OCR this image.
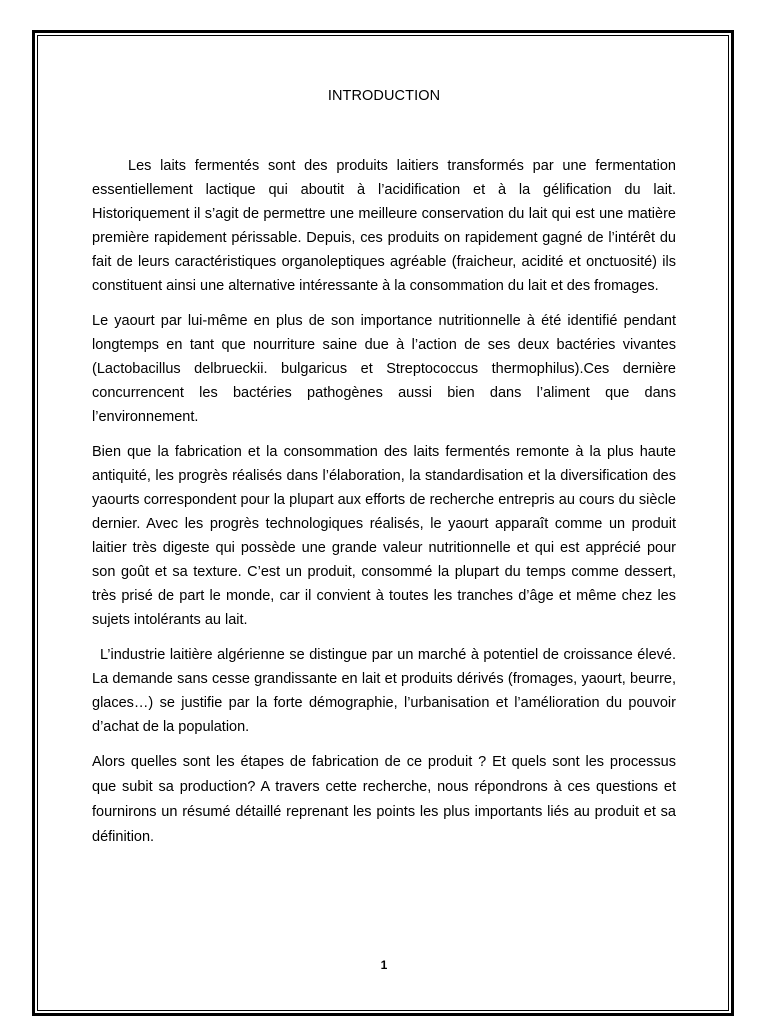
INTRODUCTION

Les laits fermentés sont des produits laitiers transformés par une fermentation essentiellement lactique qui aboutit à l’acidification et à la gélification du lait. Historiquement il s’agit de permettre une meilleure conservation du lait qui est une matière première rapidement périssable. Depuis, ces produits on rapidement gagné de l’intérêt du fait de leurs caractéristiques organoleptiques agréable (fraicheur, acidité et onctuosité) ils constituent ainsi une alternative intéressante à la consommation du lait et des fromages.

Le yaourt par lui-même en plus de son importance nutritionnelle à été identifié pendant longtemps en tant que nourriture saine due à l’action de ses deux bactéries vivantes (Lactobacillus delbrueckii. bulgaricus et Streptococcus thermophilus).Ces dernière concurrencent les bactéries pathogènes aussi bien dans l’aliment que dans l’environnement.

Bien que la fabrication et la consommation des laits fermentés remonte à la plus haute antiquité, les progrès réalisés dans l’élaboration, la standardisation et la diversification des yaourts correspondent pour la plupart aux efforts de recherche entrepris au cours du siècle dernier. Avec les progrès technologiques réalisés, le yaourt apparaît comme un produit laitier très digeste qui possède une grande valeur nutritionnelle et qui est apprécié pour son goût et sa texture. C’est un produit, consommé la plupart du temps comme dessert, très prisé de part le monde, car il convient à toutes les tranches d’âge et même chez les sujets intolérants au lait.

L’industrie laitière algérienne se distingue par un marché à potentiel de croissance élevé. La demande sans cesse grandissante en lait et produits dérivés (fromages, yaourt, beurre, glaces…) se justifie par la forte démographie, l’urbanisation et l’amélioration du pouvoir d’achat de la population.

Alors quelles sont les étapes de fabrication de ce produit ? Et quels sont les processus que subit sa production? A travers cette recherche, nous répondrons à ces questions et fournirons un résumé détaillé reprenant les points les plus importants liés au produit et sa définition.

1
